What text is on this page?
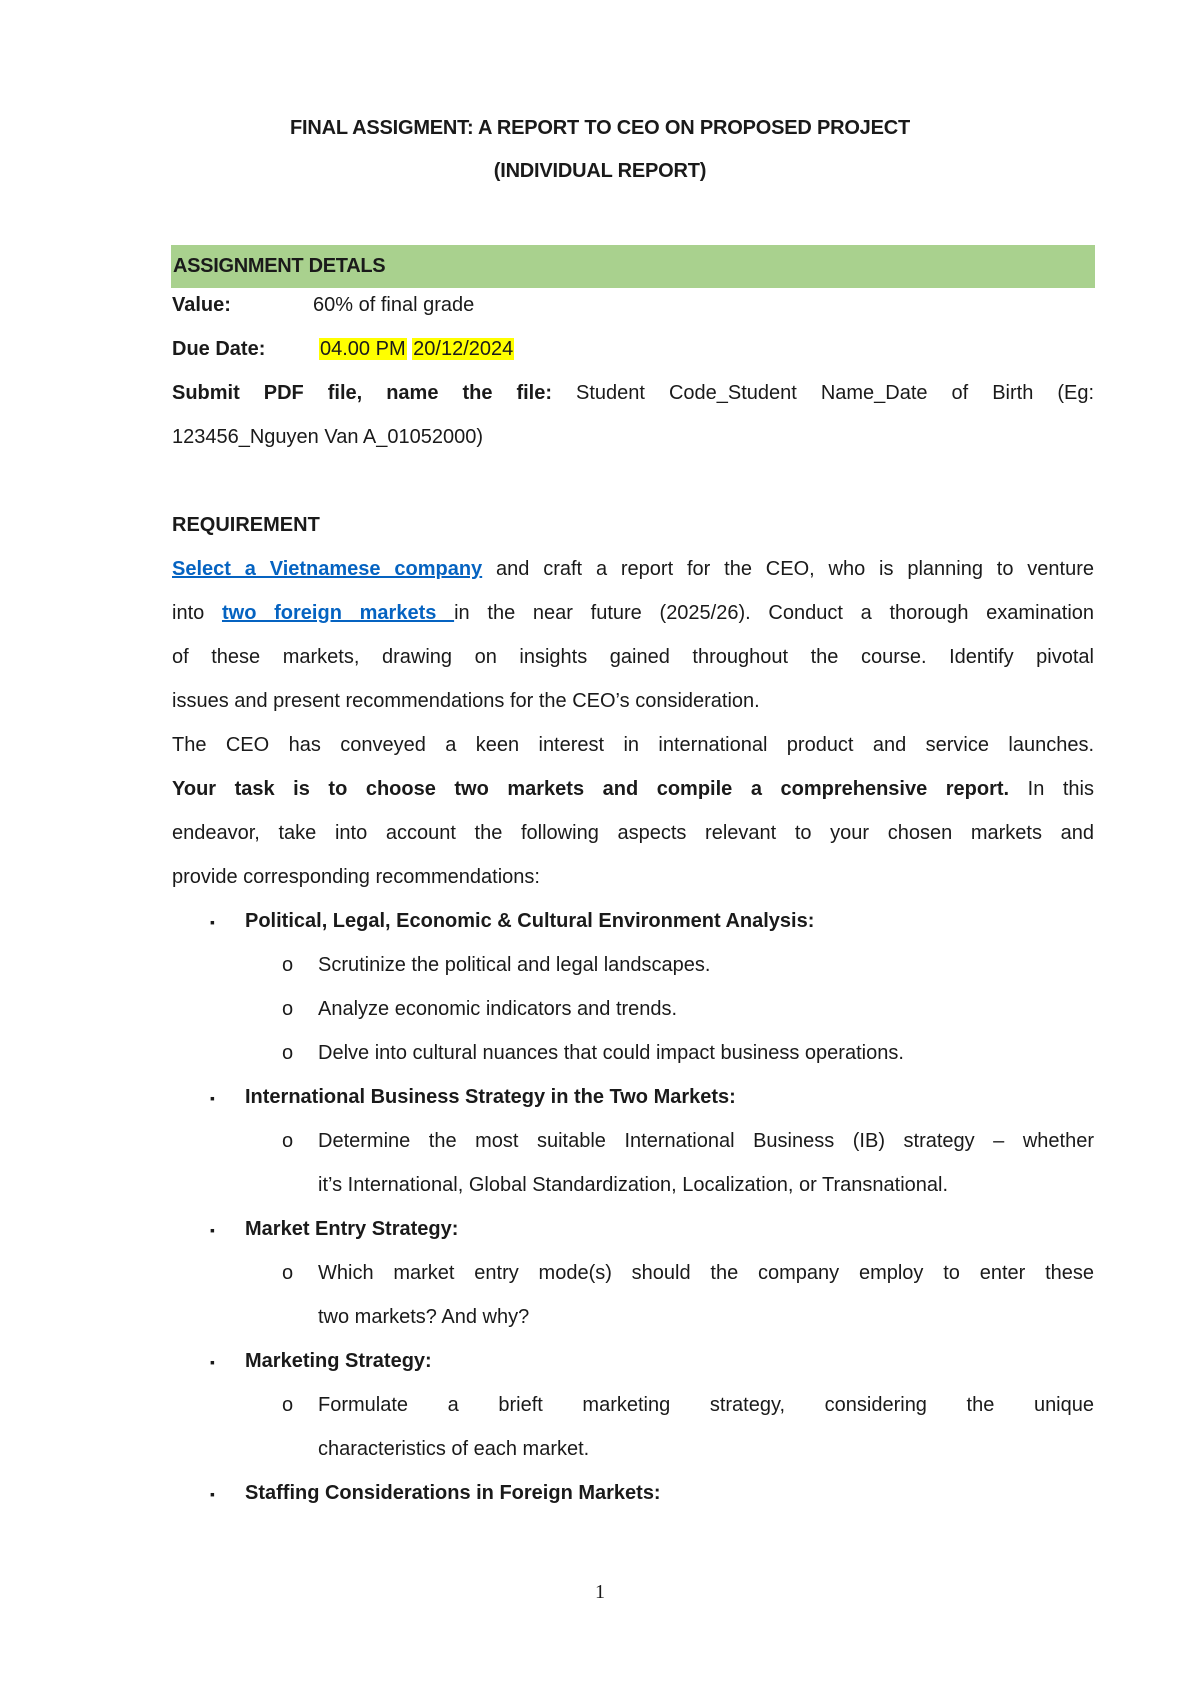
FINAL ASSIGMENT: A REPORT TO CEO ON PROPOSED PROJECT
(INDIVIDUAL REPORT)
ASSIGNMENT DETALS
Value:	60% of final grade
Due Date:	04.00 PM 20/12/2024
Submit PDF file, name the file: Student Code_Student Name_Date of Birth (Eg:
123456_Nguyen Van A_01052000)
REQUIREMENT
Select a Vietnamese company and craft a report for the CEO, who is planning to venture
into two foreign markets in the near future (2025/26). Conduct a thorough examination
of these markets, drawing on insights gained throughout the course. Identify pivotal
issues and present recommendations for the CEO’s consideration.
The CEO has conveyed a keen interest in international product and service launches.
Your task is to choose two markets and compile a comprehensive report. In this
endeavor, take into account the following aspects relevant to your chosen markets and
provide corresponding recommendations:
▪ Political, Legal, Economic & Cultural Environment Analysis:
o Scrutinize the political and legal landscapes.
o Analyze economic indicators and trends.
o Delve into cultural nuances that could impact business operations.
▪ International Business Strategy in the Two Markets:
o Determine the most suitable International Business (IB) strategy – whether
it’s International, Global Standardization, Localization, or Transnational.
▪ Market Entry Strategy:
o Which market entry mode(s) should the company employ to enter these
two markets? And why?
▪ Marketing Strategy:
o Formulate a brieft marketing strategy, considering the unique
characteristics of each market.
▪ Staffing Considerations in Foreign Markets:
1
